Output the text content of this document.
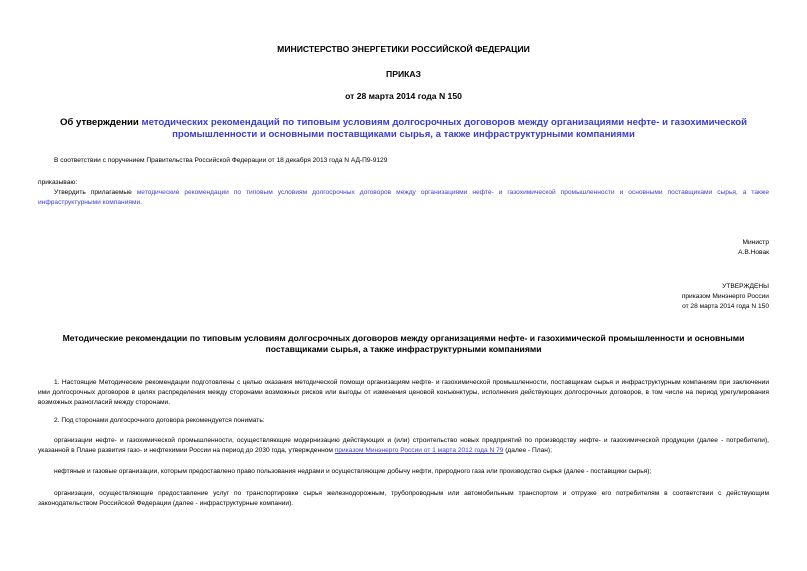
МИНИСТЕРСТВО ЭНЕРГЕТИКИ РОССИЙСКОЙ ФЕДЕРАЦИИ

ПРИКАЗ

от 28 марта 2014 года N 150

Об утверждении методических рекомендаций по типовым условиям долгосрочных договоров между организациями нефте- и газохимической промышленности и основными поставщиками сырья, а также инфраструктурными компаниями

В соответствии с поручением Правительства Российской Федерации от 18 декабря 2013 года N АД-П9-9129

приказываю:

Утвердить прилагаемые методические рекомендации по типовым условиям долгосрочных договоров между организациями нефте- и газохимической промышленности и основными поставщиками сырья, а также инфраструктурными компаниями.

Министр

А.В.Новак

УТВЕРЖДЕНЫ

приказом Минэнерго России

от 28 марта 2014 года N 150

Методические рекомендации по типовым условиям долгосрочных договоров между организациями нефте- и газохимической промышленности и основными поставщиками сырья, а также инфраструктурными компаниями

1. Настоящие Методические рекомендации подготовлены с целью оказания методической помощи организациям нефте- и газохимической промышленности, поставщикам сырья и инфраструктурным компаниям при заключении ими долгосрочных договоров в целях распределения между сторонами возможных рисков или выгоды от изменения ценовой конъюнктуры, исполнения действующих долгосрочных договоров, в том числе на период урегулирования возможных разногласий между сторонами.

2. Под сторонами долгосрочного договора рекомендуется понимать:

организации нефте- и газохимической промышленности, осуществляющие модернизацию действующих и (или) строительство новых предприятий по производству нефте- и газохимической продукции (далее - потребители), указанной в Плане развития газо- и нефтехимии России на период до 2030 года, утвержденном приказом Минэнерго России от 1 марта 2012 года N 79 (далее - План);

нефтяные и газовые организации, которым предоставлено право пользования недрами и осуществляющие добычу нефти, природного газа или производство сырья (далее - поставщики сырья);

организации, осуществляющие предоставление услуг по транспортировке сырья железнодорожным, трубопроводным или автомобильным транспортом и отгрузке его потребителям в соответствии с действующим законодательством Российской Федерации (далее - инфраструктурные компании).
